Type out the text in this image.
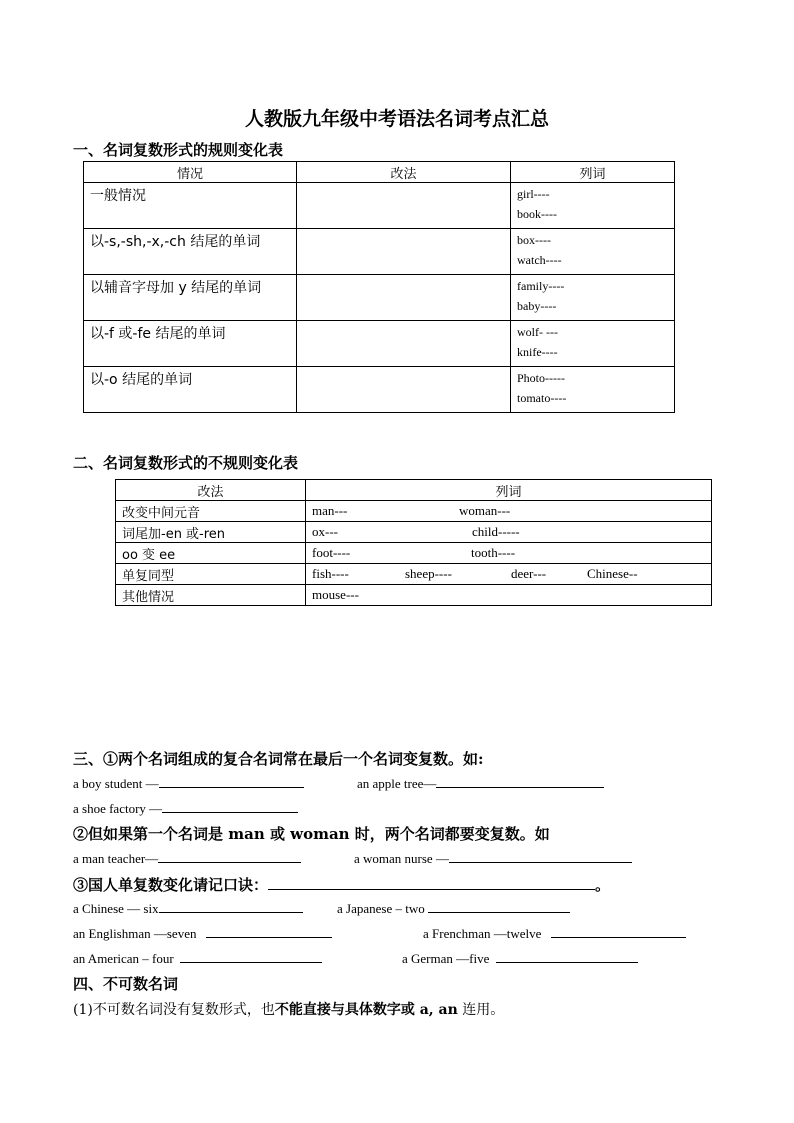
人教版九年级中考语法名词考点汇总
一、名词复数形式的规则变化表
情况	改法	列词
一般情况		girl----
book----

以-s,-sh,-x,-ch 结尾的单词		box----
watch----

以辅音字母加 y 结尾的单词		family----
baby----

以-f 或-fe 结尾的单词		wolf- ---
knife----

以-o 结尾的单词		Photo-----
tomato----
二、名词复数形式的不规则变化表
改法	列词
改变中间元音	man--- woman---

词尾加-en 或-ren	ox--- child-----

oo 变 ee	foot---- tooth----

单复同型	fish---- sheep---- deer--- Chinese--

其他情况	mouse---
三、①两个名词组成的复合名词常在最后一个名词变复数。如:
a boy student —	an apple tree—
a shoe factory —
②但如果第一个名词是 man 或 woman 时，两个名词都要变复数。如
a man teacher—	a woman nurse —
③国人单复数变化请记口诀：	。
a Chinese — six	a Japanese – two
an Englishman —seven	a Frenchman —twelve
an American – four	a German —five
四、不可数名词
(1)不可数名词没有复数形式，也不能直接与具体数字或 a, an 连用。
